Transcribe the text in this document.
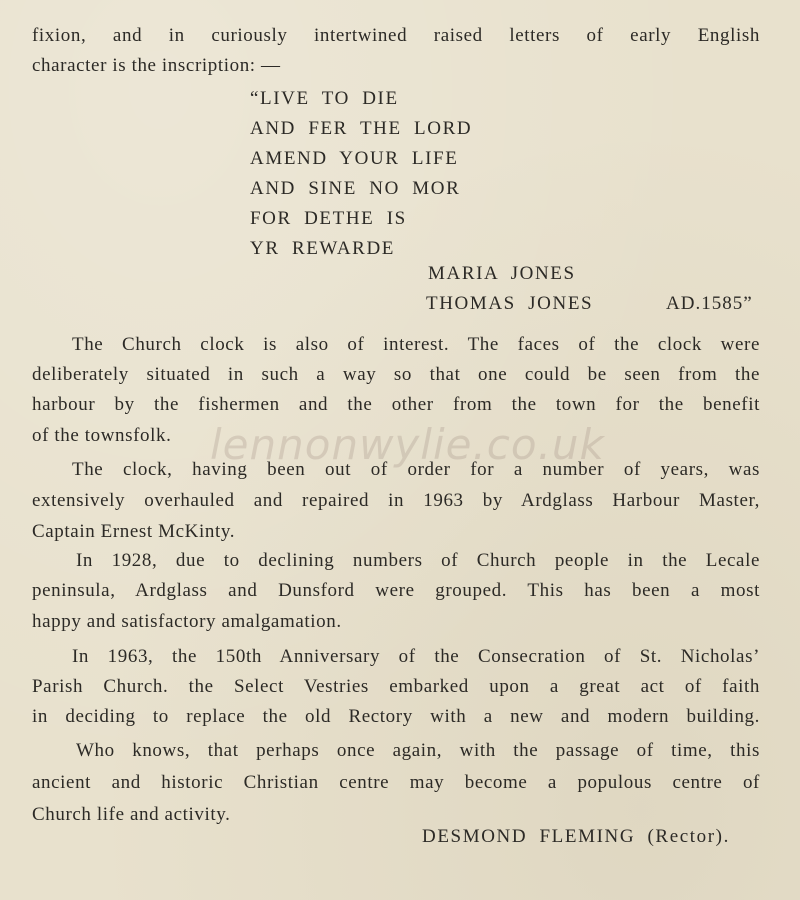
fixion, and in curiously intertwined raised letters of early English
character is the inscription: —
“LIVE TO DIE
AND FER THE LORD
AMEND YOUR LIFE
AND SINE NO MOR
FOR DETHE IS
YR REWARDE
MARIA JONES
THOMAS JONES	AD.1585”
The Church clock is also of interest. The faces of the clock were
deliberately situated in such a way so that one could be seen from the
harbour by the fishermen and the other from the town for the benefit
of the townsfolk.
The clock, having been out of order for a number of years, was
extensively overhauled and repaired in 1963 by Ardglass Harbour Master,
Captain Ernest McKinty.
In 1928, due to declining numbers of Church people in the Lecale
peninsula, Ardglass and Dunsford were grouped. This has been a most
happy and satisfactory amalgamation.
In 1963, the 150th Anniversary of the Consecration of St. Nicholas’
Parish Church. the Select Vestries embarked upon a great act of faith
in deciding to replace the old Rectory with a new and modern building.
Who knows, that perhaps once again, with the passage of time, this
ancient and historic Christian centre may become a populous centre of
Church life and activity.
DESMOND FLEMING (Rector).
lennonwylie.co.uk
